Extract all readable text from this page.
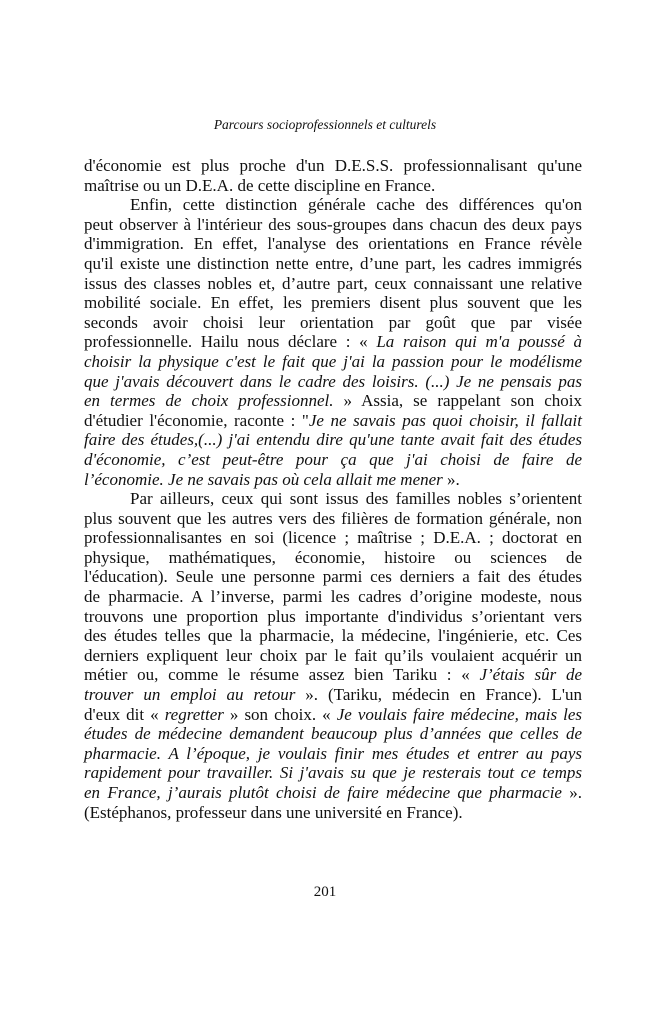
Parcours socioprofessionnels et culturels
d'économie est plus proche d'un D.E.S.S. professionnalisant qu'une
maîtrise ou un D.E.A. de cette discipline en France.
Enfin, cette distinction générale cache des différences qu'on
peut observer à l'intérieur des sous-groupes dans chacun des deux pays
d'immigration. En effet, l'analyse des orientations en France révèle
qu'il existe une distinction nette entre, d’une part, les cadres immigrés
issus des classes nobles et, d’autre part, ceux connaissant une relative
mobilité sociale. En effet, les premiers disent plus souvent que les
seconds avoir choisi leur orientation par goût que par visée
professionnelle. Hailu nous déclare : « La raison qui m'a poussé à
choisir la physique c'est le fait que j'ai la passion pour le modélisme
que j'avais découvert dans le cadre des loisirs. (...) Je ne pensais pas
en termes de choix professionnel. » Assia, se rappelant son choix
d'étudier l'économie, raconte : "Je ne savais pas quoi choisir, il fallait
faire des études,(...) j'ai entendu dire qu'une tante avait fait des études
d'économie, c’est peut-être pour ça que j'ai choisi de faire de
l’économie. Je ne savais pas où cela allait me mener ».
Par ailleurs, ceux qui sont issus des familles nobles s’orientent
plus souvent que les autres vers des filières de formation générale, non
professionnalisantes en soi (licence ; maîtrise ; D.E.A. ; doctorat en
physique, mathématiques, économie, histoire ou sciences de
l'éducation). Seule une personne parmi ces derniers a fait des études
de pharmacie. A l’inverse, parmi les cadres d’origine modeste, nous
trouvons une proportion plus importante d'individus s’orientant vers
des études telles que la pharmacie, la médecine, l'ingénierie, etc. Ces
derniers expliquent leur choix par le fait qu’ils voulaient acquérir un
métier ou, comme le résume assez bien Tariku : « J’étais sûr de
trouver un emploi au retour ». (Tariku, médecin en France). L'un
d'eux dit « regretter » son choix. « Je voulais faire médecine, mais les
études de médecine demandent beaucoup plus d’années que celles de
pharmacie. A l’époque, je voulais finir mes études et entrer au pays
rapidement pour travailler. Si j'avais su que je resterais tout ce temps
en France, j’aurais plutôt choisi de faire médecine que pharmacie ».
(Estéphanos, professeur dans une université en France).
201
